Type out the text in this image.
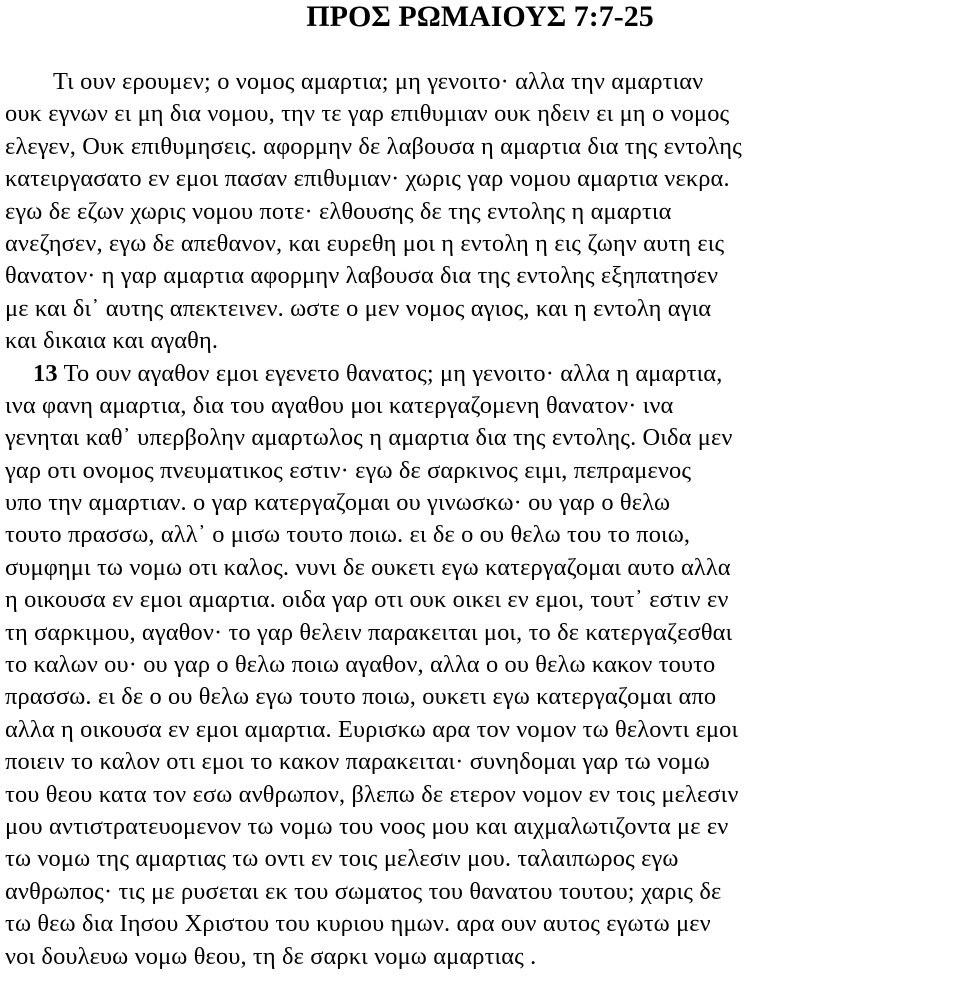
ΠΡΟΣ ΡΩΜΑΙΟΥΣ 7:7-25
Τι ουν ερουμεν; ο νομος αμαρτια; μη γενοιτο· αλλα την αμαρτιαν
ουκ εγνων ει μη δια νομου, την τε γαρ επιθυμιαν ουκ ηδειν ει μη ο νομος
ελεγεν, Ουκ επιθυμησεις. αφορμην δε λαβουσα η αμαρτια δια της εντολης
κατειργασατο εν εμοι πασαν επιθυμιαν· χωρις γαρ νομου αμαρτια νεκρα.
εγω δε εζων χωρις νομου ποτε· ελθουσης δε της εντολης η αμαρτια
ανεζησεν, εγω δε απεθανον, και ευρεθη μοι η εντολη η εις ζωην αυτη εις
θανατον· η γαρ αμαρτια αφορμην λαβουσα δια της εντολης εξηπατησεν
με και δι᾽ αυτης απεκτεινεν. ωστε ο μεν νομος αγιος, και η εντολη αγια
και δικαια και αγαθη.
13 Το ουν αγαθον εμοι εγενετο θανατος; μη γενοιτο· αλλα η αμαρτια,
ινα φανη αμαρτια, δια του αγαθου μοι κατεργαζομενη θανατον· ινα
γενηται καθ᾽ υπερβολην αμαρτωλος η αμαρτια δια της εντολης. Οιδα μεν
γαρ οτι ονομος πνευματικος εστιν· εγω δε σαρκινος ειμι, πεπραμενος
υπο την αμαρτιαν. ο γαρ κατεργαζομαι ου γινωσκω· ου γαρ ο θελω
τουτο πρασσω, αλλ᾽ ο μισω τουτο ποιω. ει δε ο ου θελω του το ποιω,
συμφημι τω νομω οτι καλος. νυνι δε ουκετι εγω κατεργαζομαι αυτο αλλα
η οικουσα εν εμοι αμαρτια. οιδα γαρ οτι ουκ οικει εν εμοι, τουτ᾽ εστιν εν
τη σαρκιμου, αγαθον· το γαρ θελειν παρακειται μοι, το δε κατεργαζεσθαι
το καλων ου· ου γαρ ο θελω ποιω αγαθον, αλλα ο ου θελω κακον τουτο
πρασσω. ει δε ο ου θελω εγω τουτο ποιω, ουκετι εγω κατεργαζομαι απο
αλλα η οικουσα εν εμοι αμαρτια. Ευρισκω αρα τον νομον τω θελοντι εμοι
ποιειν το καλον οτι εμοι το κακον παρακειται· συνηδομαι γαρ τω νομω
του θεου κατα τον εσω ανθρωπον, βλεπω δε ετερον νομον εν τοις μελεσιν
μου αντιστρατευομενον τω νομω του νοος μου και αιχμαλωτιζοντα με εν
τω νομω της αμαρτιας τω οντι εν τοις μελεσιν μου. ταλαιπωρος εγω
ανθρωπος· τις με ρυσεται εκ του σωματος του θανατου τουτου; χαρις δε
τω θεω δια Ιησου Χριστου του κυριου ημων. αρα ουν αυτος εγωτω μεν
νοι δουλευω νομω θεου, τη δε σαρκι νομω αμαρτιας .
